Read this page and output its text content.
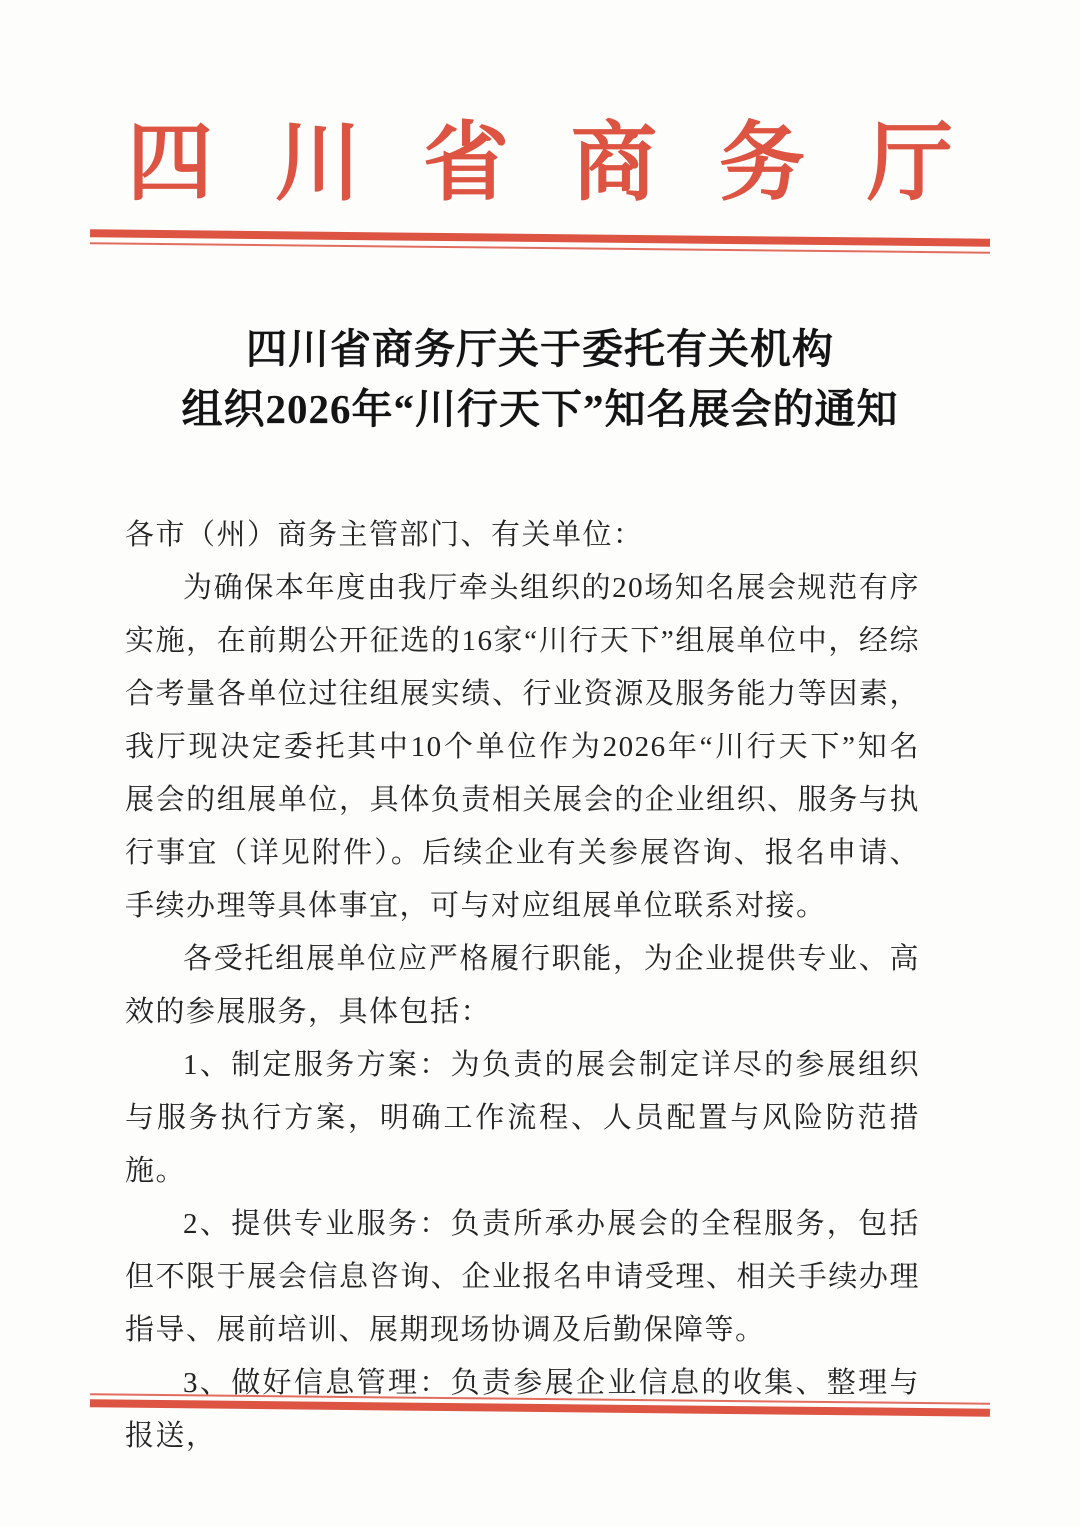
四川省商务厅
四川省商务厅关于委托有关机构
组织2026年“川行天下”知名展会的通知

各市（州）商务主管部门、有关单位：

为确保本年度由我厅牵头组织的20场知名展会规范有序实施，在前期公开征选的16家“川行天下”组展单位中，经综合考量各单位过往组展实绩、行业资源及服务能力等因素，我厅现决定委托其中10个单位作为2026年“川行天下”知名展会的组展单位，具体负责相关展会的企业组织、服务与执行事宜（详见附件）。后续企业有关参展咨询、报名申请、手续办理等具体事宜，可与对应组展单位联系对接。

各受托组展单位应严格履行职能，为企业提供专业、高效的参展服务，具体包括：

1、制定服务方案：为负责的展会制定详尽的参展组织与服务执行方案，明确工作流程、人员配置与风险防范措施。

2、提供专业服务：负责所承办展会的全程服务，包括但不限于展会信息咨询、企业报名申请受理、相关手续办理指导、展前培训、展期现场协调及后勤保障等。

3、做好信息管理：负责参展企业信息的收集、整理与报送，
